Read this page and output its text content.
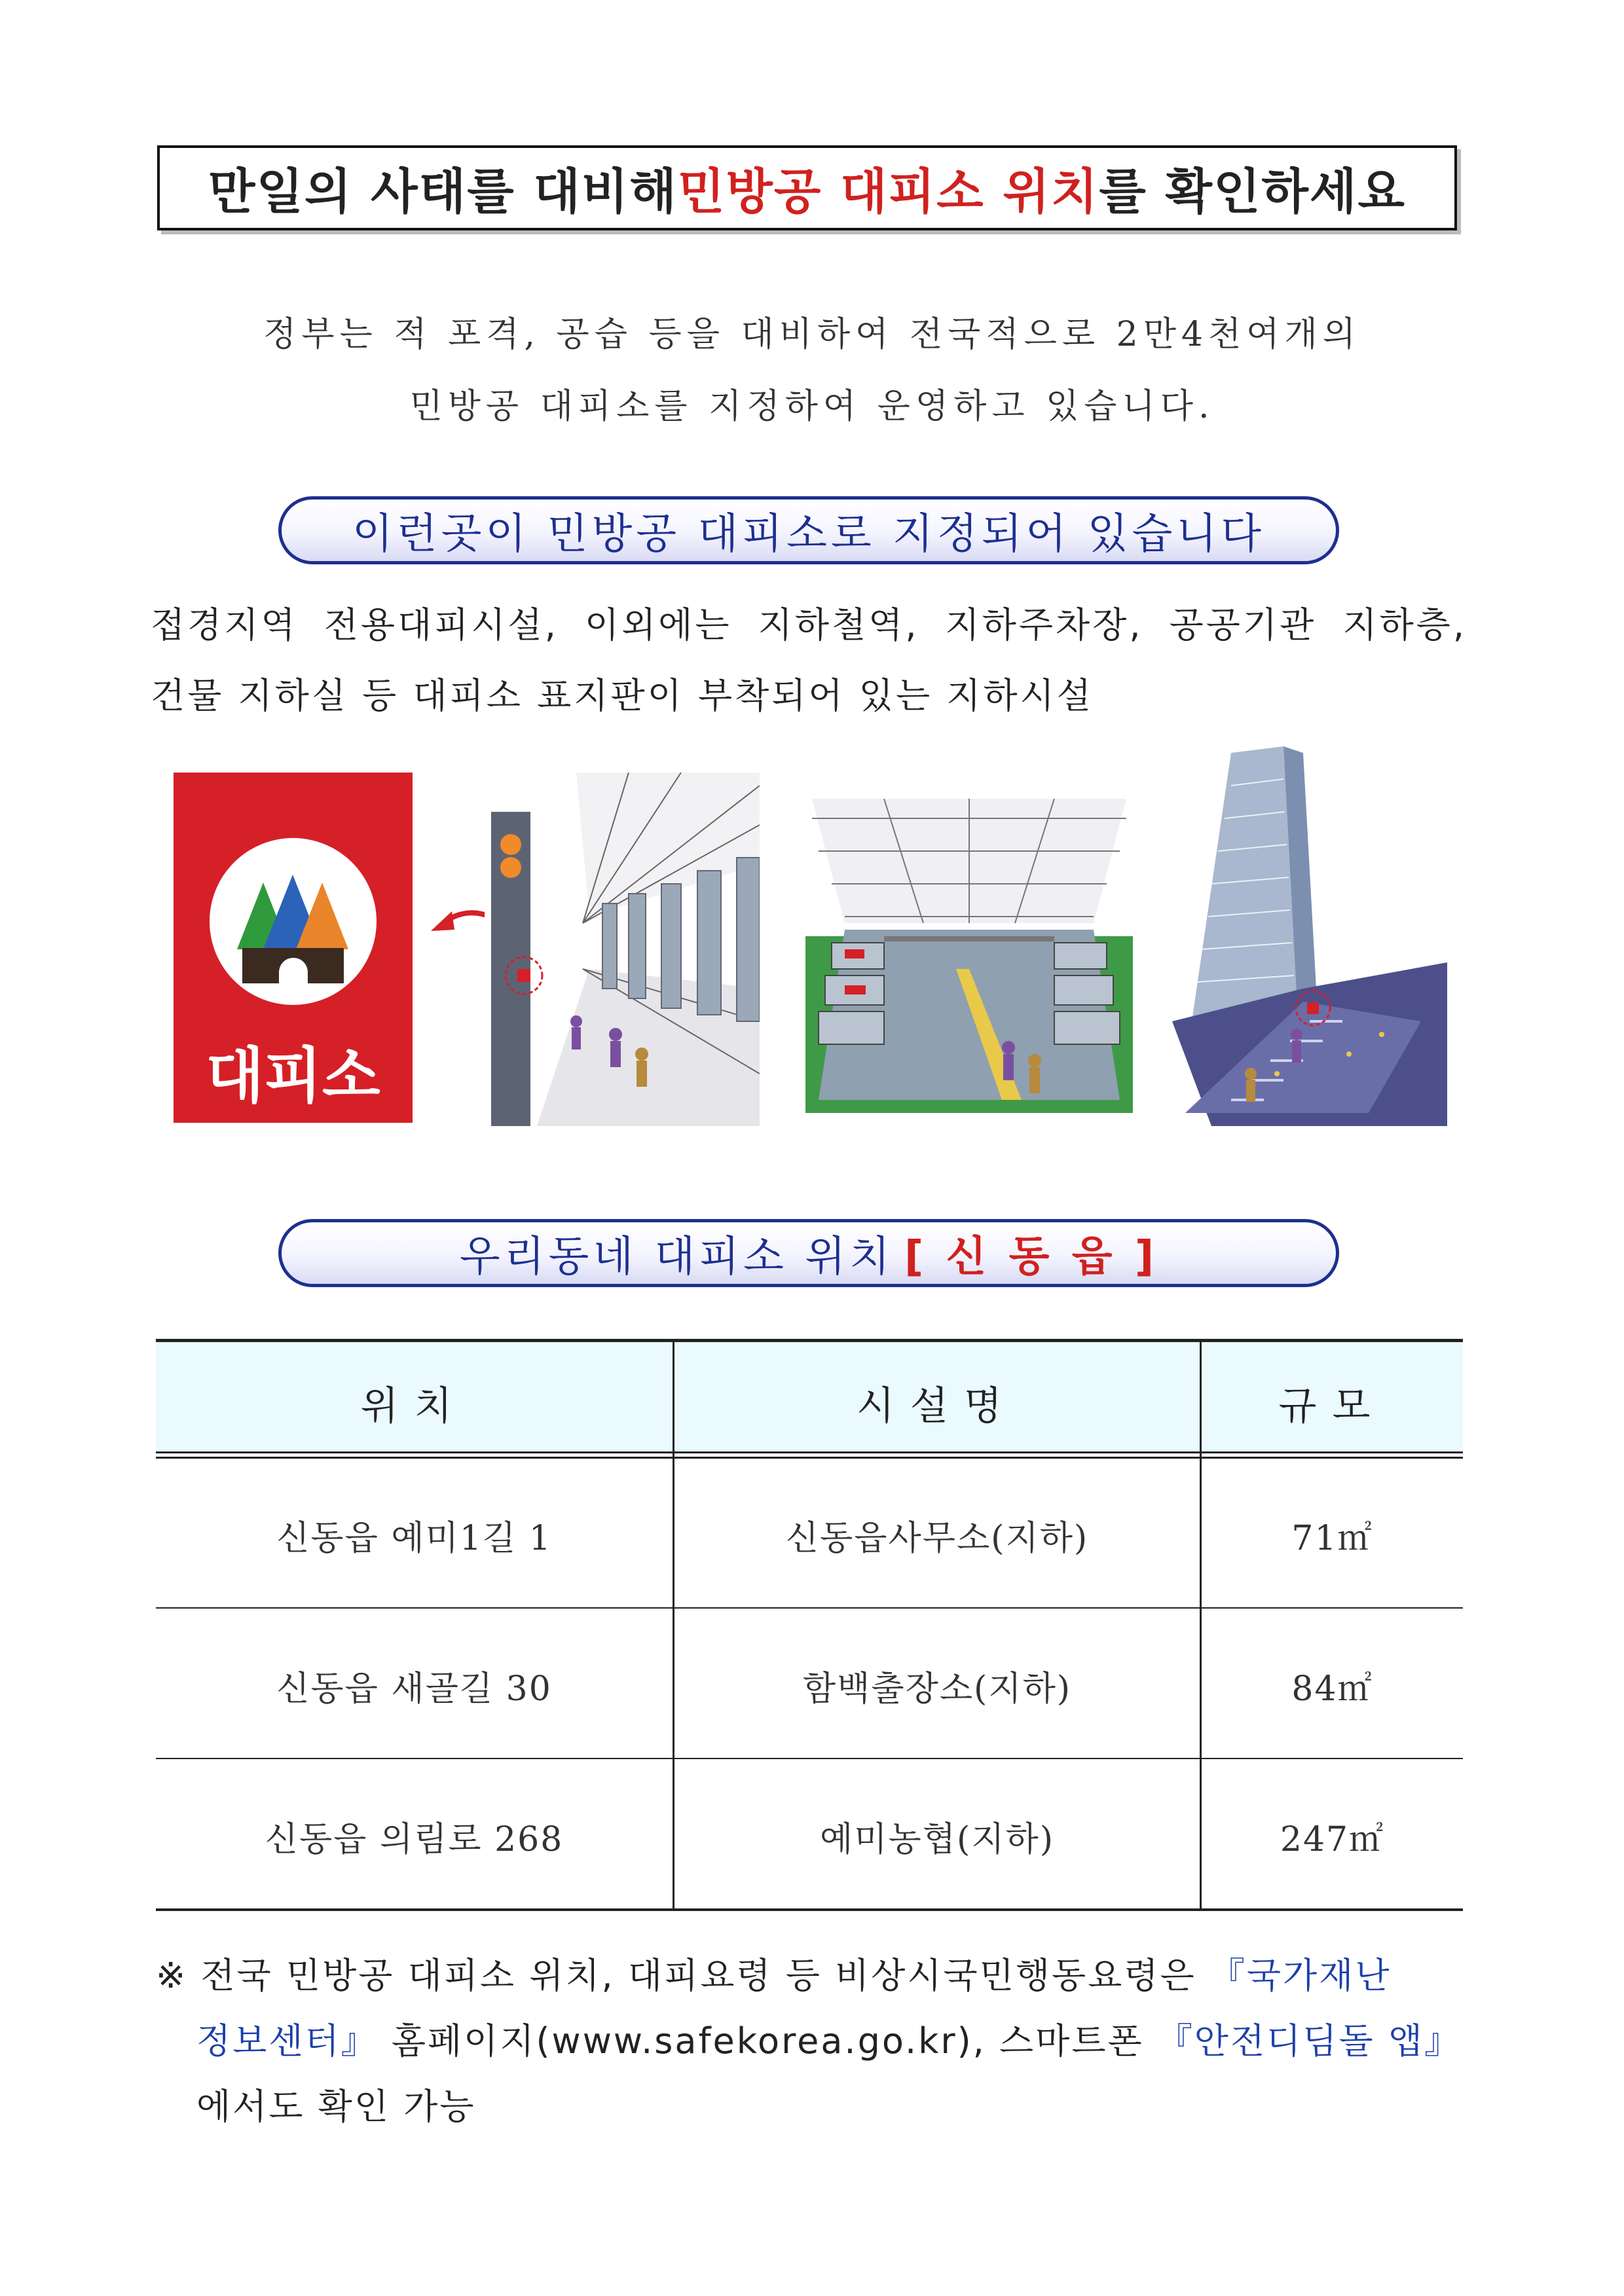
만일의 사태를 대비해 민방공 대피소 위치 를 확인하세요
정부는 적 포격, 공습 등을 대비하여 전국적으로 2만4천여개의
민방공 대피소를 지정하여 운영하고 있습니다.
이런곳이 민방공 대피소로 지정되어 있습니다
접경지역 전용대피시설, 이외에는 지하철역, 지하주차장, 공공기관 지하층,
건물 지하실 등 대피소 표지판이 부착되어 있는 지하시설
대피소
우리동네 대피소 위치 [ 신 동 읍 ]
위치	시설명	규모
신동읍 예미1길 1	신동읍사무소(지하)	71㎡
신동읍 새골길 30	함백출장소(지하)	84㎡
신동읍 의림로 268	예미농협(지하)	247㎡
※ 전국 민방공 대피소 위치, 대피요령 등 비상시국민행동요령은 『국가재난
정보센터』 홈페이지(www.safekorea.go.kr), 스마트폰 『안전디딤돌 앱』
에서도 확인 가능
